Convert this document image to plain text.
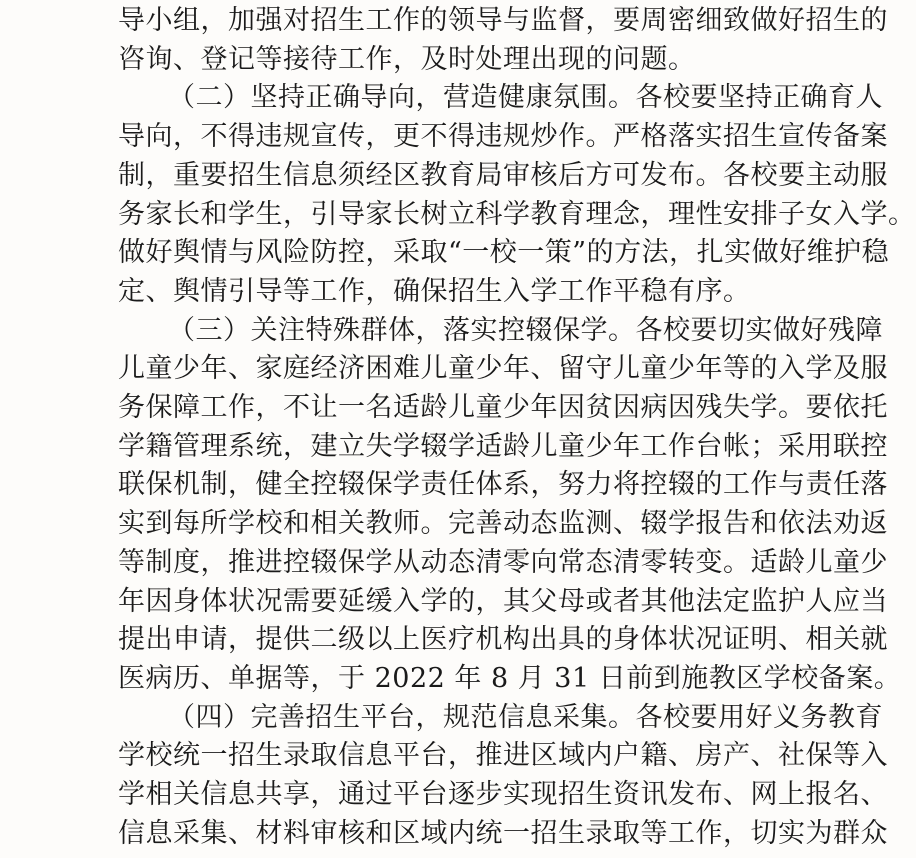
导小组，加强对招生工作的领导与监督，要周密细致做好招生的
咨询、登记等接待工作，及时处理出现的问题。
（二）坚持正确导向，营造健康氛围。各校要坚持正确育人
导向，不得违规宣传，更不得违规炒作。严格落实招生宣传备案
制，重要招生信息须经区教育局审核后方可发布。各校要主动服
务家长和学生，引导家长树立科学教育理念，理性安排子女入学。
做好舆情与风险防控，采取“一校一策”的方法，扎实做好维护稳
定、舆情引导等工作，确保招生入学工作平稳有序。
（三）关注特殊群体，落实控辍保学。各校要切实做好残障
儿童少年、家庭经济困难儿童少年、留守儿童少年等的入学及服
务保障工作，不让一名适龄儿童少年因贫因病因残失学。要依托
学籍管理系统，建立失学辍学适龄儿童少年工作台帐；采用联控
联保机制，健全控辍保学责任体系，努力将控辍的工作与责任落
实到每所学校和相关教师。完善动态监测、辍学报告和依法劝返
等制度，推进控辍保学从动态清零向常态清零转变。适龄儿童少
年因身体状况需要延缓入学的，其父母或者其他法定监护人应当
提出申请，提供二级以上医疗机构出具的身体状况证明、相关就
医病历、单据等，于 2022 年 8 月 31 日前到施教区学校备案。
（四）完善招生平台，规范信息采集。各校要用好义务教育
学校统一招生录取信息平台，推进区域内户籍、房产、社保等入
学相关信息共享，通过平台逐步实现招生资讯发布、网上报名、
信息采集、材料审核和区域内统一招生录取等工作，切实为群众
